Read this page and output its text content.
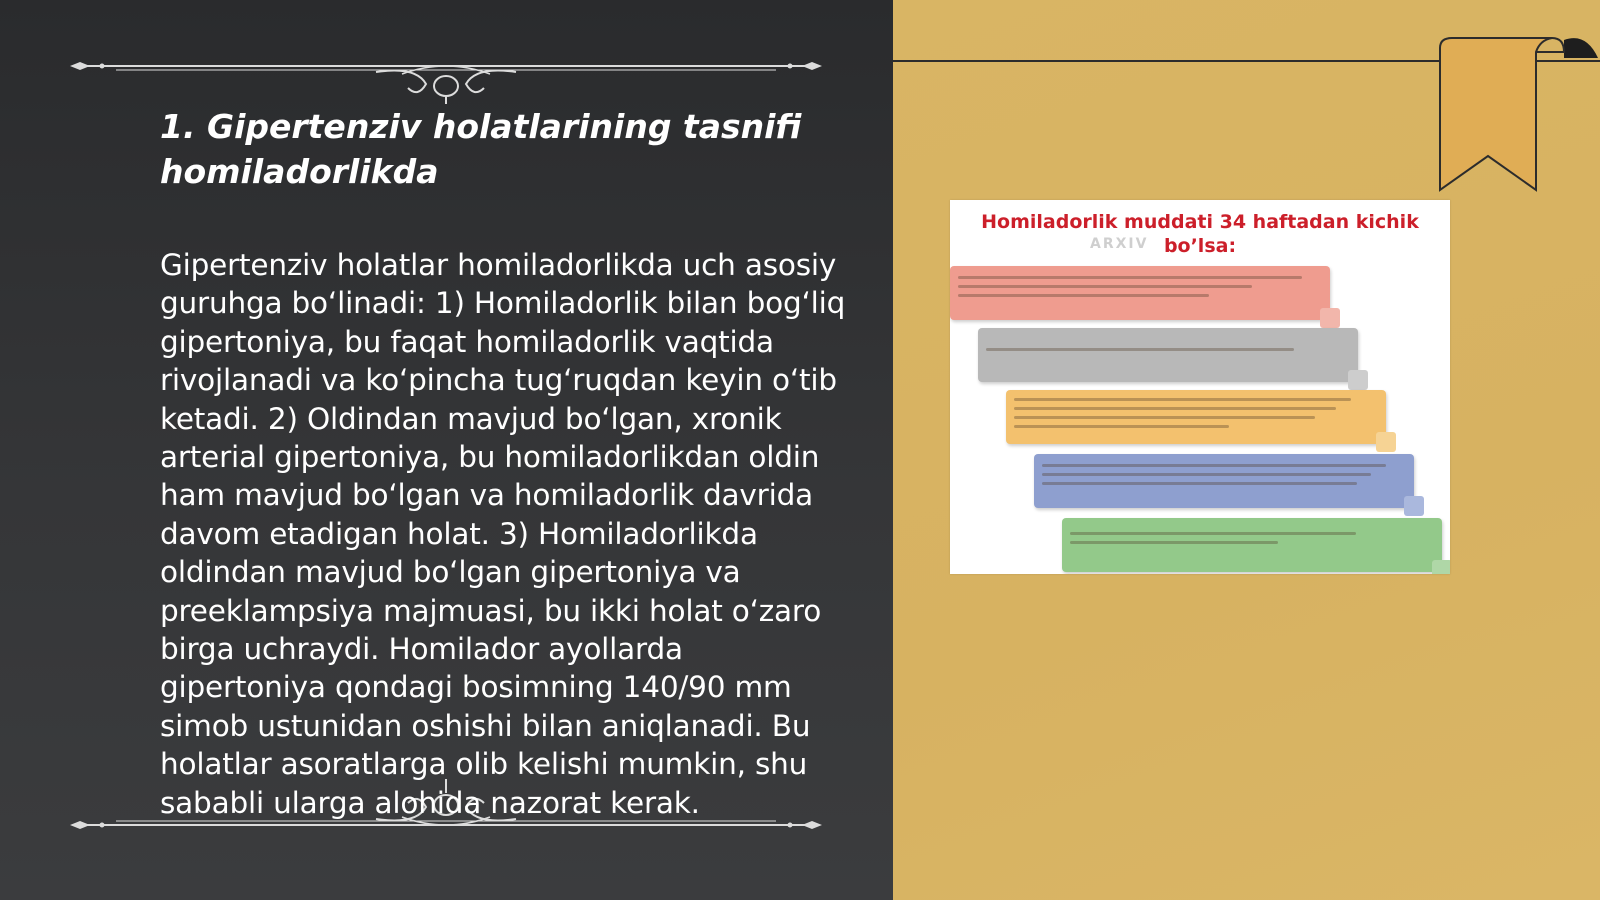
1. Gipertenziv holatlarining tasnifi homiladorlikda

Gipertenziv holatlar homiladorlikda uch asosiy guruhga bo‘linadi: 1) Homiladorlik bilan bog‘liq gipertoniya, bu faqat homiladorlik vaqtida rivojlanadi va ko‘pincha tug‘ruqdan keyin o‘tib ketadi. 2) Oldindan mavjud bo‘lgan, xronik arterial gipertoniya, bu homiladorlikdan oldin ham mavjud bo‘lgan va homiladorlik davrida davom etadigan holat. 3) Homiladorlikda oldindan mavjud bo‘lgan gipertoniya va preeklampsiya majmuasi, bu ikki holat o‘zaro birga uchraydi. Homilador ayollarda gipertoniya qondagi bosimning 140/90 mm simob ustunidan oshishi bilan aniqlanadi. Bu holatlar asoratlarga olib kelishi mumkin, shu sababli ularga alohida nazorat kerak.

Homiladorlik muddati 34 haftadan kichik bo’lsa:

ARXIV
